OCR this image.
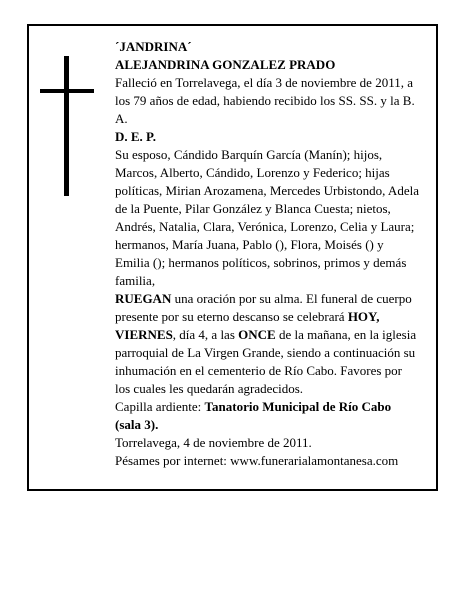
´JANDRINA´

ALEJANDRINA GONZALEZ PRADO

Falleció en Torrelavega, el día 3 de noviembre de 2011, a los 79 años de edad, habiendo recibido los SS. SS. y la B. A.

D. E. P.

Su esposo, Cándido Barquín García (Manín); hijos, Marcos, Alberto, Cándido, Lorenzo y Federico; hijas políticas, Mirian Arozamena, Mercedes Urbistondo, Adela de la Puente, Pilar González y Blanca Cuesta; nietos, Andrés, Natalia, Clara, Verónica, Lorenzo, Celia y Laura; hermanos, María Juana, Pablo (), Flora, Moisés () y Emilia (); hermanos políticos, sobrinos, primos y demás familia,

RUEGAN una oración por su alma. El funeral de cuerpo presente por su eterno descanso se celebrará HOY, VIERNES, día 4, a las ONCE de la mañana, en la iglesia parroquial de La Virgen Grande, siendo a continuación su inhumación en el cementerio de Río Cabo. Favores por los cuales les quedarán agradecidos.

Capilla ardiente: Tanatorio Municipal de Río Cabo (sala 3).

Torrelavega, 4 de noviembre de 2011.

Pésames por internet: www.funerarialamontanesa.com
